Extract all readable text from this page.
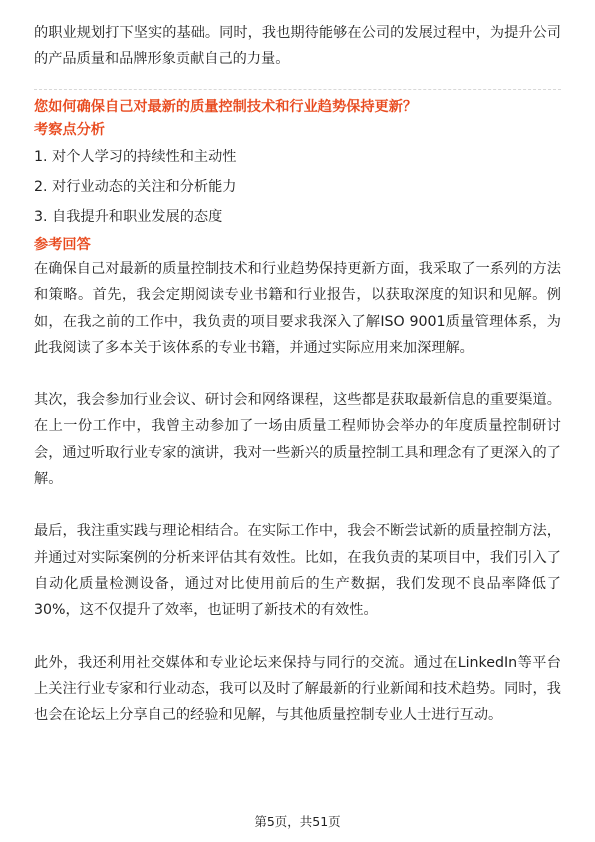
的职业规划打下坚实的基础。同时，我也期待能够在公司的发展过程中，为提升公司的产品质量和品牌形象贡献自己的力量。

您如何确保自己对最新的质量控制技术和行业趋势保持更新？

考察点分析

1. 对个人学习的持续性和主动性

2. 对行业动态的关注和分析能力

3. 自我提升和职业发展的态度

参考回答

在确保自己对最新的质量控制技术和行业趋势保持更新方面，我采取了一系列的方法和策略。首先，我会定期阅读专业书籍和行业报告，以获取深度的知识和见解。例如，在我之前的工作中，我负责的项目要求我深入了解ISO 9001质量管理体系，为此我阅读了多本关于该体系的专业书籍，并通过实际应用来加深理解。

其次，我会参加行业会议、研讨会和网络课程，这些都是获取最新信息的重要渠道。在上一份工作中，我曾主动参加了一场由质量工程师协会举办的年度质量控制研讨会，通过听取行业专家的演讲，我对一些新兴的质量控制工具和理念有了更深入的了解。

最后，我注重实践与理论相结合。在实际工作中，我会不断尝试新的质量控制方法，并通过对实际案例的分析来评估其有效性。比如，在我负责的某项目中，我们引入了自动化质量检测设备，通过对比使用前后的生产数据，我们发现不良品率降低了30%，这不仅提升了效率，也证明了新技术的有效性。

此外，我还利用社交媒体和专业论坛来保持与同行的交流。通过在LinkedIn等平台上关注行业专家和行业动态，我可以及时了解最新的行业新闻和技术趋势。同时，我也会在论坛上分享自己的经验和见解，与其他质量控制专业人士进行互动。

第5页，共51页
